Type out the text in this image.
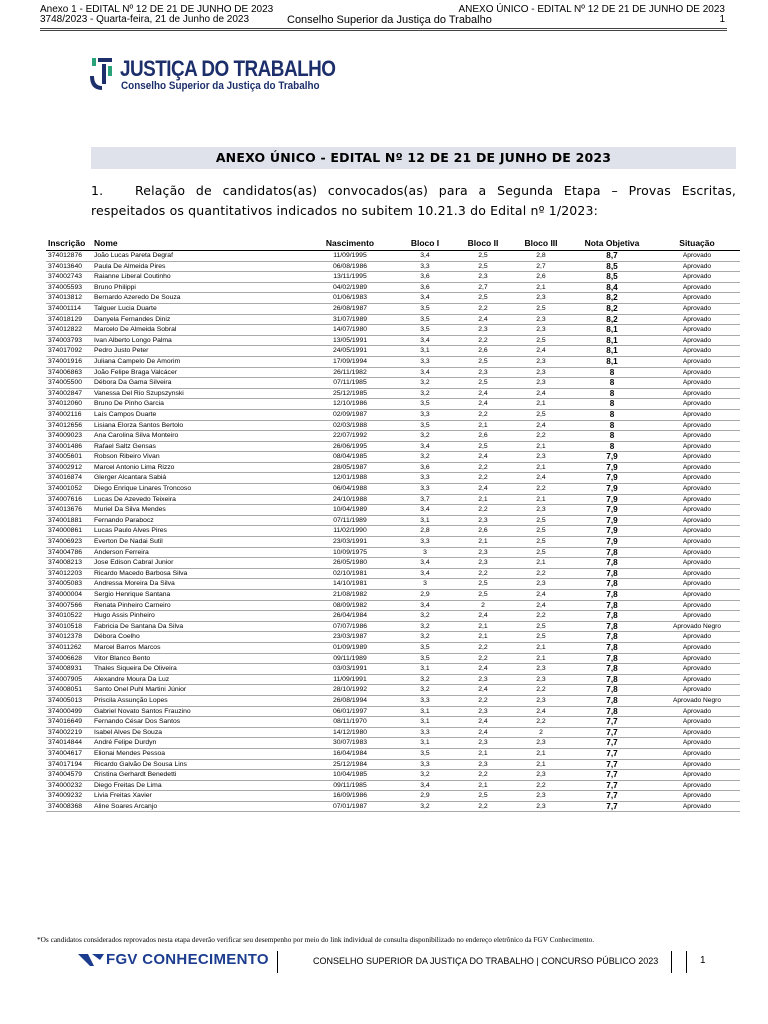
Anexo 1 - EDITAL Nº 12 DE 21 DE JUNHO DE 2023
3748/2023 - Quarta-feira, 21 de Junho de 2023	Conselho Superior da Justiça do Trabalho
ANEXO ÚNICO - EDITAL Nº 12 DE 21 DE JUNHO DE 2023
1
JUSTIÇA DO TRABALHO
Conselho Superior da Justiça do Trabalho
ANEXO ÚNICO - EDITAL Nº 12 DE 21 DE JUNHO DE 2023
1.	Relação de candidatos(as) convocados(as) para a Segunda Etapa – Provas Escritas, respeitados os quantitativos indicados no subitem 10.21.3 do Edital nº 1/2023:
Inscrição	Nome	Nascimento	Bloco I	Bloco II	Bloco III	Nota Objetiva	Situação
374012876	João Lucas Pareta Degraf	11/09/1995	3,4	2,5	2,8	8,7	Aprovado
374013640	Paula De Almeida Pires	06/08/1986	3,3	2,5	2,7	8,5	Aprovado
374002743	Raianne Liberal Coutinho	13/11/1995	3,6	2,3	2,6	8,5	Aprovado
374005593	Bruno Philippi	04/02/1989	3,6	2,7	2,1	8,4	Aprovado
374013812	Bernardo Azeredo De Souza	01/06/1983	3,4	2,5	2,3	8,2	Aprovado
374001114	Talguer Lucia Duarte	26/08/1987	3,5	2,2	2,5	8,2	Aprovado
374018129	Danyela Fernandes Diniz	31/07/1989	3,5	2,4	2,3	8,2	Aprovado
374012822	Marcelo De Almeida Sobral	14/07/1980	3,5	2,3	2,3	8,1	Aprovado
374003793	Ivan Alberto Longo Palma	13/05/1991	3,4	2,2	2,5	8,1	Aprovado
374017092	Pedro Justo Peter	24/05/1991	3,1	2,6	2,4	8,1	Aprovado
374001916	Juliana Campelo De Amorim	17/09/1994	3,3	2,5	2,3	8,1	Aprovado
374006863	João Felipe Braga Valcácer	26/11/1982	3,4	2,3	2,3	8	Aprovado
374005500	Débora Da Gama Silveira	07/11/1985	3,2	2,5	2,3	8	Aprovado
374002847	Vanessa Del Rio Szupszynski	25/12/1985	3,2	2,4	2,4	8	Aprovado
374012060	Bruno De Pinho Garcia	12/10/1986	3,5	2,4	2,1	8	Aprovado
374002116	Laís Campos Duarte	02/09/1987	3,3	2,2	2,5	8	Aprovado
374012656	Lisiana Elorza Santos Bertolo	02/03/1988	3,5	2,1	2,4	8	Aprovado
374009023	Ana Carolina Silva Monteiro	22/07/1992	3,2	2,6	2,2	8	Aprovado
374001486	Rafael Saltz Gensas	26/06/1995	3,4	2,5	2,1	8	Aprovado
374005601	Robson Ribeiro Vivan	08/04/1985	3,2	2,4	2,3	7,9	Aprovado
374002912	Marcel Antonio Lima Rizzo	28/05/1987	3,6	2,2	2,1	7,9	Aprovado
374016874	Glerger Alcantara Sabiá	12/01/1988	3,3	2,2	2,4	7,9	Aprovado
374001052	Diego Enrique Linares Troncoso	06/04/1988	3,3	2,4	2,2	7,9	Aprovado
374007616	Lucas De Azevedo Teixeira	24/10/1988	3,7	2,1	2,1	7,9	Aprovado
374013676	Muriel Da Silva Mendes	10/04/1989	3,4	2,2	2,3	7,9	Aprovado
374001881	Fernando Parabocz	07/11/1989	3,1	2,3	2,5	7,9	Aprovado
374000861	Lucas Paulo Alves Pires	11/02/1990	2,8	2,6	2,5	7,9	Aprovado
374006923	Everton De Nadai Sutil	23/03/1991	3,3	2,1	2,5	7,9	Aprovado
374004786	Anderson Ferreira	10/09/1975	3	2,3	2,5	7,8	Aprovado
374008213	Jose Edison Cabral Junior	26/05/1980	3,4	2,3	2,1	7,8	Aprovado
374012203	Ricardo Macedo Barbosa Silva	02/10/1981	3,4	2,2	2,2	7,8	Aprovado
374005083	Andressa Moreira Da Silva	14/10/1981	3	2,5	2,3	7,8	Aprovado
374000004	Sergio Henrique Santana	21/08/1982	2,9	2,5	2,4	7,8	Aprovado
374007566	Renata Pinheiro Carneiro	08/09/1982	3,4	2	2,4	7,8	Aprovado
374010522	Hugo Assis Pinheiro	26/04/1984	3,2	2,4	2,2	7,8	Aprovado
374010518	Fabricia De Santana Da Silva	07/07/1986	3,2	2,1	2,5	7,8	Aprovado Negro
374012378	Débora Coelho	23/03/1987	3,2	2,1	2,5	7,8	Aprovado
374011262	Marcel Barros Marcos	01/09/1989	3,5	2,2	2,1	7,8	Aprovado
374006628	Vitor Blanco Bento	09/11/1989	3,5	2,2	2,1	7,8	Aprovado
374008931	Thales Siqueira De Oliveira	03/03/1991	3,1	2,4	2,3	7,8	Aprovado
374007905	Alexandre Moura Da Luz	11/09/1991	3,2	2,3	2,3	7,8	Aprovado
374008051	Santo Onel Puhl Martini Júnior	28/10/1992	3,2	2,4	2,2	7,8	Aprovado
374005013	Priscila Assunção Lopes	26/08/1994	3,3	2,2	2,3	7,8	Aprovado Negro
374000499	Gabriel Novato Santos Frauzino	06/01/1997	3,1	2,3	2,4	7,8	Aprovado
374016649	Fernando César Dos Santos	08/11/1970	3,1	2,4	2,2	7,7	Aprovado
374002219	Isabel Alves De Souza	14/12/1980	3,3	2,4	2	7,7	Aprovado
374014844	André Felipe Durdyn	30/07/1983	3,1	2,3	2,3	7,7	Aprovado
374004617	Elionai Mendes Pessoa	16/04/1984	3,5	2,1	2,1	7,7	Aprovado
374017194	Ricardo Galvão De Sousa Lins	25/12/1984	3,3	2,3	2,1	7,7	Aprovado
374004579	Cristina Gerhardt Benedetti	10/04/1985	3,2	2,2	2,3	7,7	Aprovado
374000232	Diego Freitas De Lima	09/11/1985	3,4	2,1	2,2	7,7	Aprovado
374009232	Livia Freitas Xavier	16/09/1986	2,9	2,5	2,3	7,7	Aprovado
374008368	Aline Soares Arcanjo	07/01/1987	3,2	2,2	2,3	7,7	Aprovado
*Os candidatos considerados reprovados nesta etapa deverão verificar seu desempenho por meio do link individual de consulta disponibilizado no endereço eletrônico da FGV Conhecimento.
FGV CONHECIMENTO	CONSELHO SUPERIOR DA JUSTIÇA DO TRABALHO | CONCURSO PÚBLICO 2023	1
